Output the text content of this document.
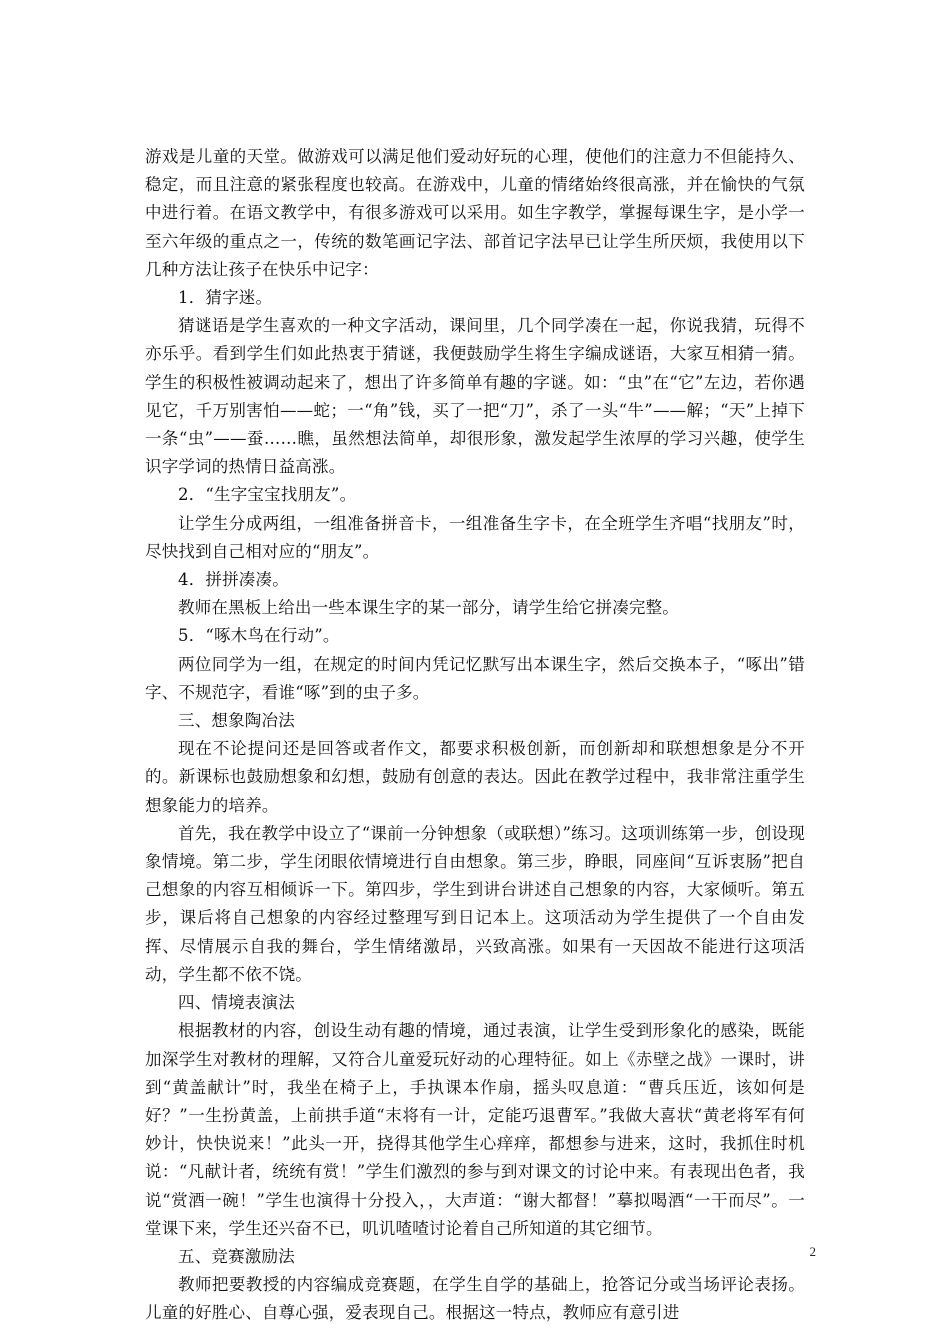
游戏是儿童的天堂。做游戏可以满足他们爱动好玩的心理，使他们的注意力不但能持久、稳定，而且注意的紧张程度也较高。在游戏中，儿童的情绪始终很高涨，并在愉快的气氛中进行着。在语文教学中，有很多游戏可以采用。如生字教学，掌握每课生字，是小学一至六年级的重点之一，传统的数笔画记字法、部首记字法早已让学生所厌烦，我使用以下几种方法让孩子在快乐中记字：

1．猜字迷。

猜谜语是学生喜欢的一种文字活动，课间里，几个同学凑在一起，你说我猜，玩得不亦乐乎。看到学生们如此热衷于猜谜，我便鼓励学生将生字编成谜语，大家互相猜一猜。学生的积极性被调动起来了，想出了许多简单有趣的字谜。如：“虫”在“它”左边，若你遇见它，千万别害怕——蛇；一“角”钱，买了一把“刀”，杀了一头“牛”——解；“天”上掉下一条“虫”——蚕……瞧，虽然想法简单，却很形象，激发起学生浓厚的学习兴趣，使学生识字学词的热情日益高涨。

2．“生字宝宝找朋友”。

让学生分成两组，一组准备拼音卡，一组准备生字卡，在全班学生齐唱“找朋友”时，尽快找到自己相对应的“朋友”。

4．拼拼凑凑。

教师在黑板上给出一些本课生字的某一部分，请学生给它拼凑完整。

5．“啄木鸟在行动”。

两位同学为一组，在规定的时间内凭记忆默写出本课生字，然后交换本子，“啄出”错字、不规范字，看谁“啄”到的虫子多。

三、想象陶冶法

现在不论提问还是回答或者作文，都要求积极创新，而创新却和联想想象是分不开的。新课标也鼓励想象和幻想，鼓励有创意的表达。因此在教学过程中，我非常注重学生想象能力的培养。

首先，我在教学中设立了“课前一分钟想象（或联想）”练习。这项训练第一步，创设现象情境。第二步，学生闭眼依情境进行自由想象。第三步，睁眼，同座间“互诉衷肠”把自己想象的内容互相倾诉一下。第四步，学生到讲台讲述自己想象的内容，大家倾听。第五步，课后将自己想象的内容经过整理写到日记本上。这项活动为学生提供了一个自由发挥、尽情展示自我的舞台，学生情绪激昂，兴致高涨。如果有一天因故不能进行这项活动，学生都不依不饶。

四、情境表演法

根据教材的内容，创设生动有趣的情境，通过表演，让学生受到形象化的感染，既能加深学生对教材的理解，又符合儿童爱玩好动的心理特征。如上《赤壁之战》一课时，讲到“黄盖献计”时，我坐在椅子上，手执课本作扇，摇头叹息道：“曹兵压近，该如何是好？”一生扮黄盖，上前拱手道“末将有一计，定能巧退曹军。”我做大喜状“黄老将军有何妙计，快快说来！”此头一开，挠得其他学生心痒痒，都想参与进来，这时，我抓住时机说：“凡献计者，统统有赏！”学生们激烈的参与到对课文的讨论中来。有表现出色者，我说“赏酒一碗！”学生也演得十分投入，，大声道：“谢大都督！”摹拟喝酒“一干而尽”。一堂课下来，学生还兴奋不已，叽讥喳喳讨论着自己所知道的其它细节。

五、竞赛激励法

教师把要教授的内容编成竞赛题，在学生自学的基础上，抢答记分或当场评论表扬。儿童的好胜心、自尊心强，爱表现自己。根据这一特点，教师应有意引进

2
